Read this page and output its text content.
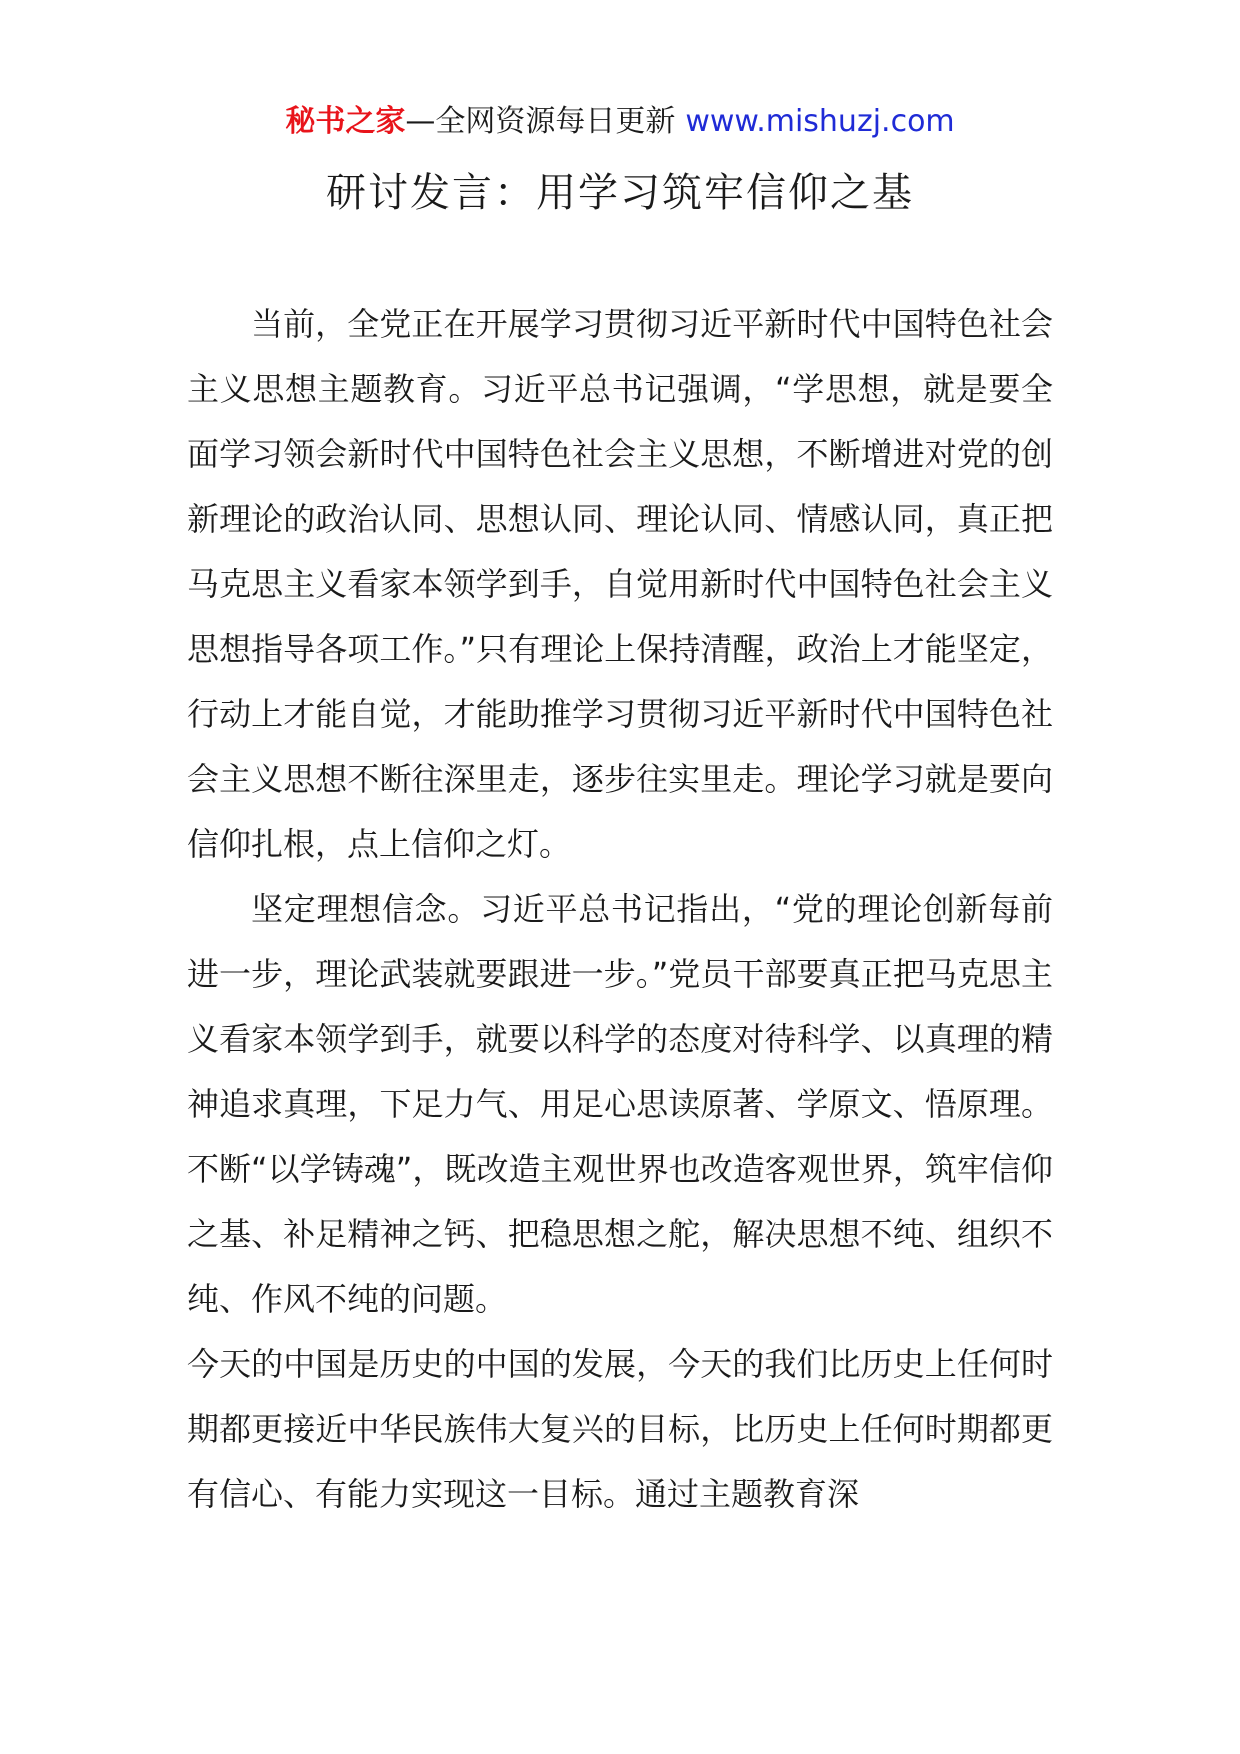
秘书之家—全网资源每日更新 www.mishuzj.com
研讨发言：用学习筑牢信仰之基

当前，全党正在开展学习贯彻习近平新时代中国特色社会主义思想主题教育。习近平总书记强调，“学思想，就是要全面学习领会新时代中国特色社会主义思想，不断增进对党的创新理论的政治认同、思想认同、理论认同、情感认同，真正把马克思主义看家本领学到手，自觉用新时代中国特色社会主义思想指导各项工作。”只有理论上保持清醒，政治上才能坚定，行动上才能自觉，才能助推学习贯彻习近平新时代中国特色社会主义思想不断往深里走，逐步往实里走。理论学习就是要向信仰扎根，点上信仰之灯。

坚定理想信念。习近平总书记指出，“党的理论创新每前进一步，理论武装就要跟进一步。”党员干部要真正把马克思主义看家本领学到手，就要以科学的态度对待科学、以真理的精神追求真理，下足力气、用足心思读原著、学原文、悟原理。不断“以学铸魂”，既改造主观世界也改造客观世界，筑牢信仰之基、补足精神之钙、把稳思想之舵，解决思想不纯、组织不纯、作风不纯的问题。

今天的中国是历史的中国的发展，今天的我们比历史上任何时期都更接近中华民族伟大复兴的目标，比历史上任何时期都更有信心、有能力实现这一目标。通过主题教育深
